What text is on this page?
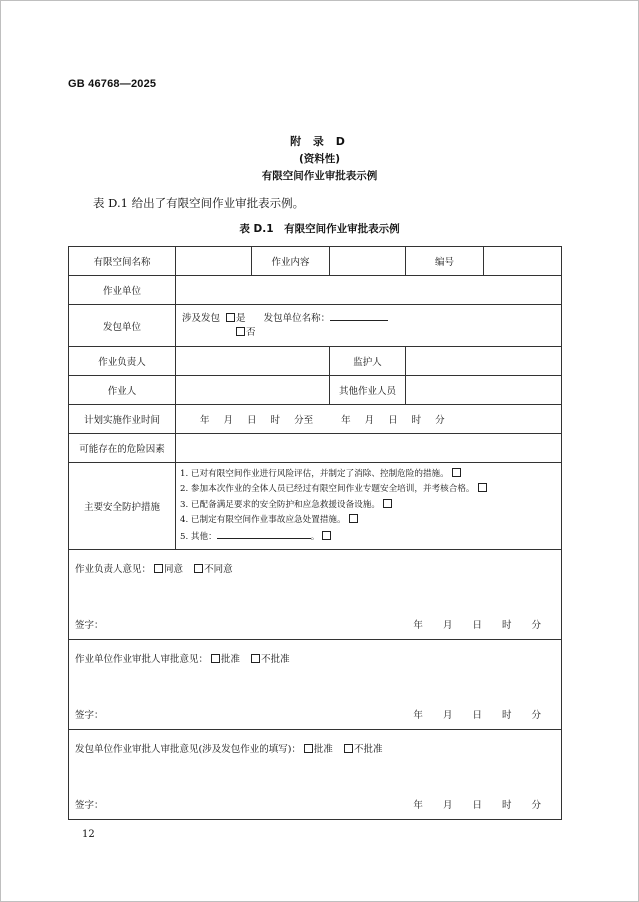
GB 46768—2025
附 录 D
(资料性)
有限空间作业审批表示例
表 D.1 给出了有限空间作业审批表示例。
表 D.1　有限空间作业审批表示例
有限空间名称		作业内容		编号	
作业单位					
发包单位	涉及发包 是 发包单位名称：
否				

作业负责人			监护人		
作业人			其他作业人员		
计划实施作业时间	年 月 日 时 分至 年 月 日 时 分				
可能存在的危险因素					
主要安全防护措施	1. 已对有限空间作业进行风险评估，并制定了消除、控制危险的措施。
2. 参加本次作业的全体人员已经过有限空间作业专题安全培训，并考核合格。
3. 已配备满足要求的安全防护和应急救援设备设施。
4. 已制定有限空间作业事故应急处置措施。
5. 其他： 。				

作业负责人意见： 同意 不同意
签字： 年 月 日 时 分					

作业单位作业审批人审批意见： 批准 不批准
签字： 年 月 日 时 分					

发包单位作业审批人审批意见(涉及发包作业的填写)： 批准 不批准
签字： 年 月 日 时 分					
12
